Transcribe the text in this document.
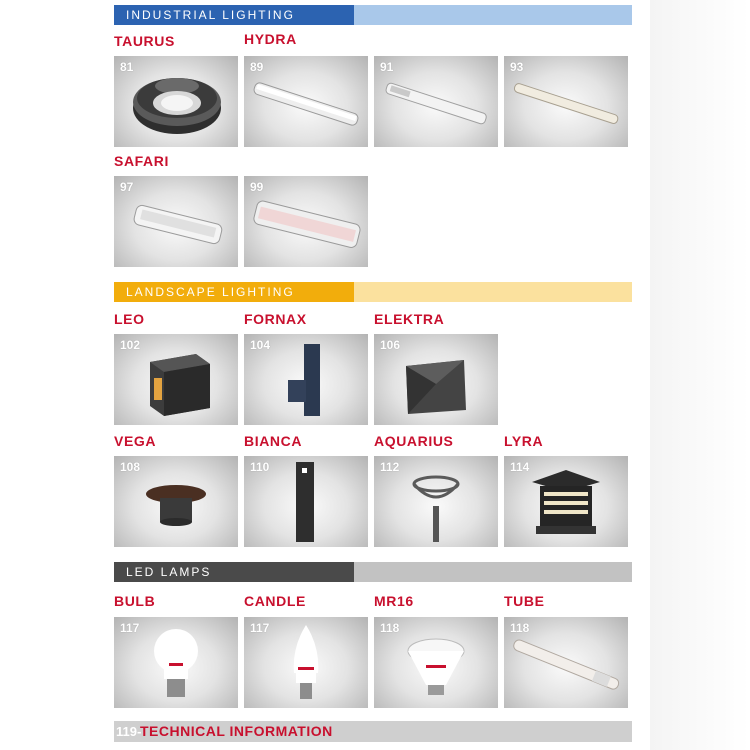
INDUSTRIAL LIGHTING
TAURUS	HYDRA
81	89	91	93
SAFARI
97	99
LANDSCAPE LIGHTING
LEO	FORNAX	ELEKTRA
102	104	106
VEGA	BIANCA	AQUARIUS	LYRA
108	110	112	114
LED LAMPS
BULB	CANDLE	MR16	TUBE
117	117	118	118
119-
TECHNICAL INFORMATION
